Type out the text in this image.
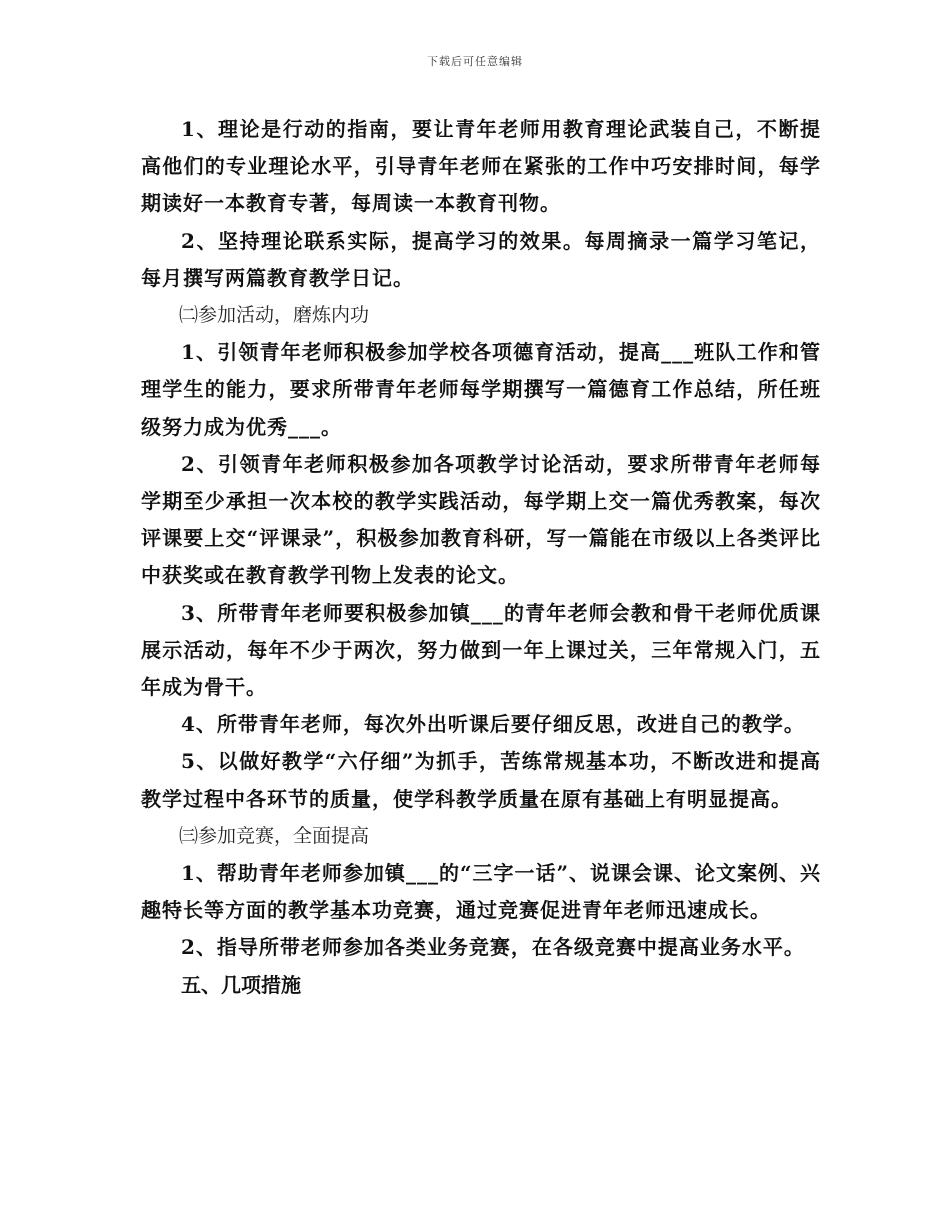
下载后可任意编辑

1、理论是行动的指南，要让青年老师用教育理论武装自己，不断提高他们的专业理论水平，引导青年老师在紧张的工作中巧安排时间，每学期读好一本教育专著，每周读一本教育刊物。

2、坚持理论联系实际，提高学习的效果。每周摘录一篇学习笔记，每月撰写两篇教育教学日记。

㈡参加活动，磨炼内功

1、引领青年老师积极参加学校各项德育活动，提高___班队工作和管理学生的能力，要求所带青年老师每学期撰写一篇德育工作总结，所任班级努力成为优秀___。

2、引领青年老师积极参加各项教学讨论活动，要求所带青年老师每学期至少承担一次本校的教学实践活动，每学期上交一篇优秀教案，每次评课要上交“评课录”，积极参加教育科研，写一篇能在市级以上各类评比中获奖或在教育教学刊物上发表的论文。

3、所带青年老师要积极参加镇___的青年老师会教和骨干老师优质课展示活动，每年不少于两次，努力做到一年上课过关，三年常规入门，五年成为骨干。

4、所带青年老师，每次外出听课后要仔细反思，改进自己的教学。

5、以做好教学“六仔细”为抓手，苦练常规基本功，不断改进和提高教学过程中各环节的质量，使学科教学质量在原有基础上有明显提高。

㈢参加竞赛，全面提高

1、帮助青年老师参加镇___的“三字一话”、说课会课、论文案例、兴趣特长等方面的教学基本功竞赛，通过竞赛促进青年老师迅速成长。

2、指导所带老师参加各类业务竞赛，在各级竞赛中提高业务水平。

五、几项措施
